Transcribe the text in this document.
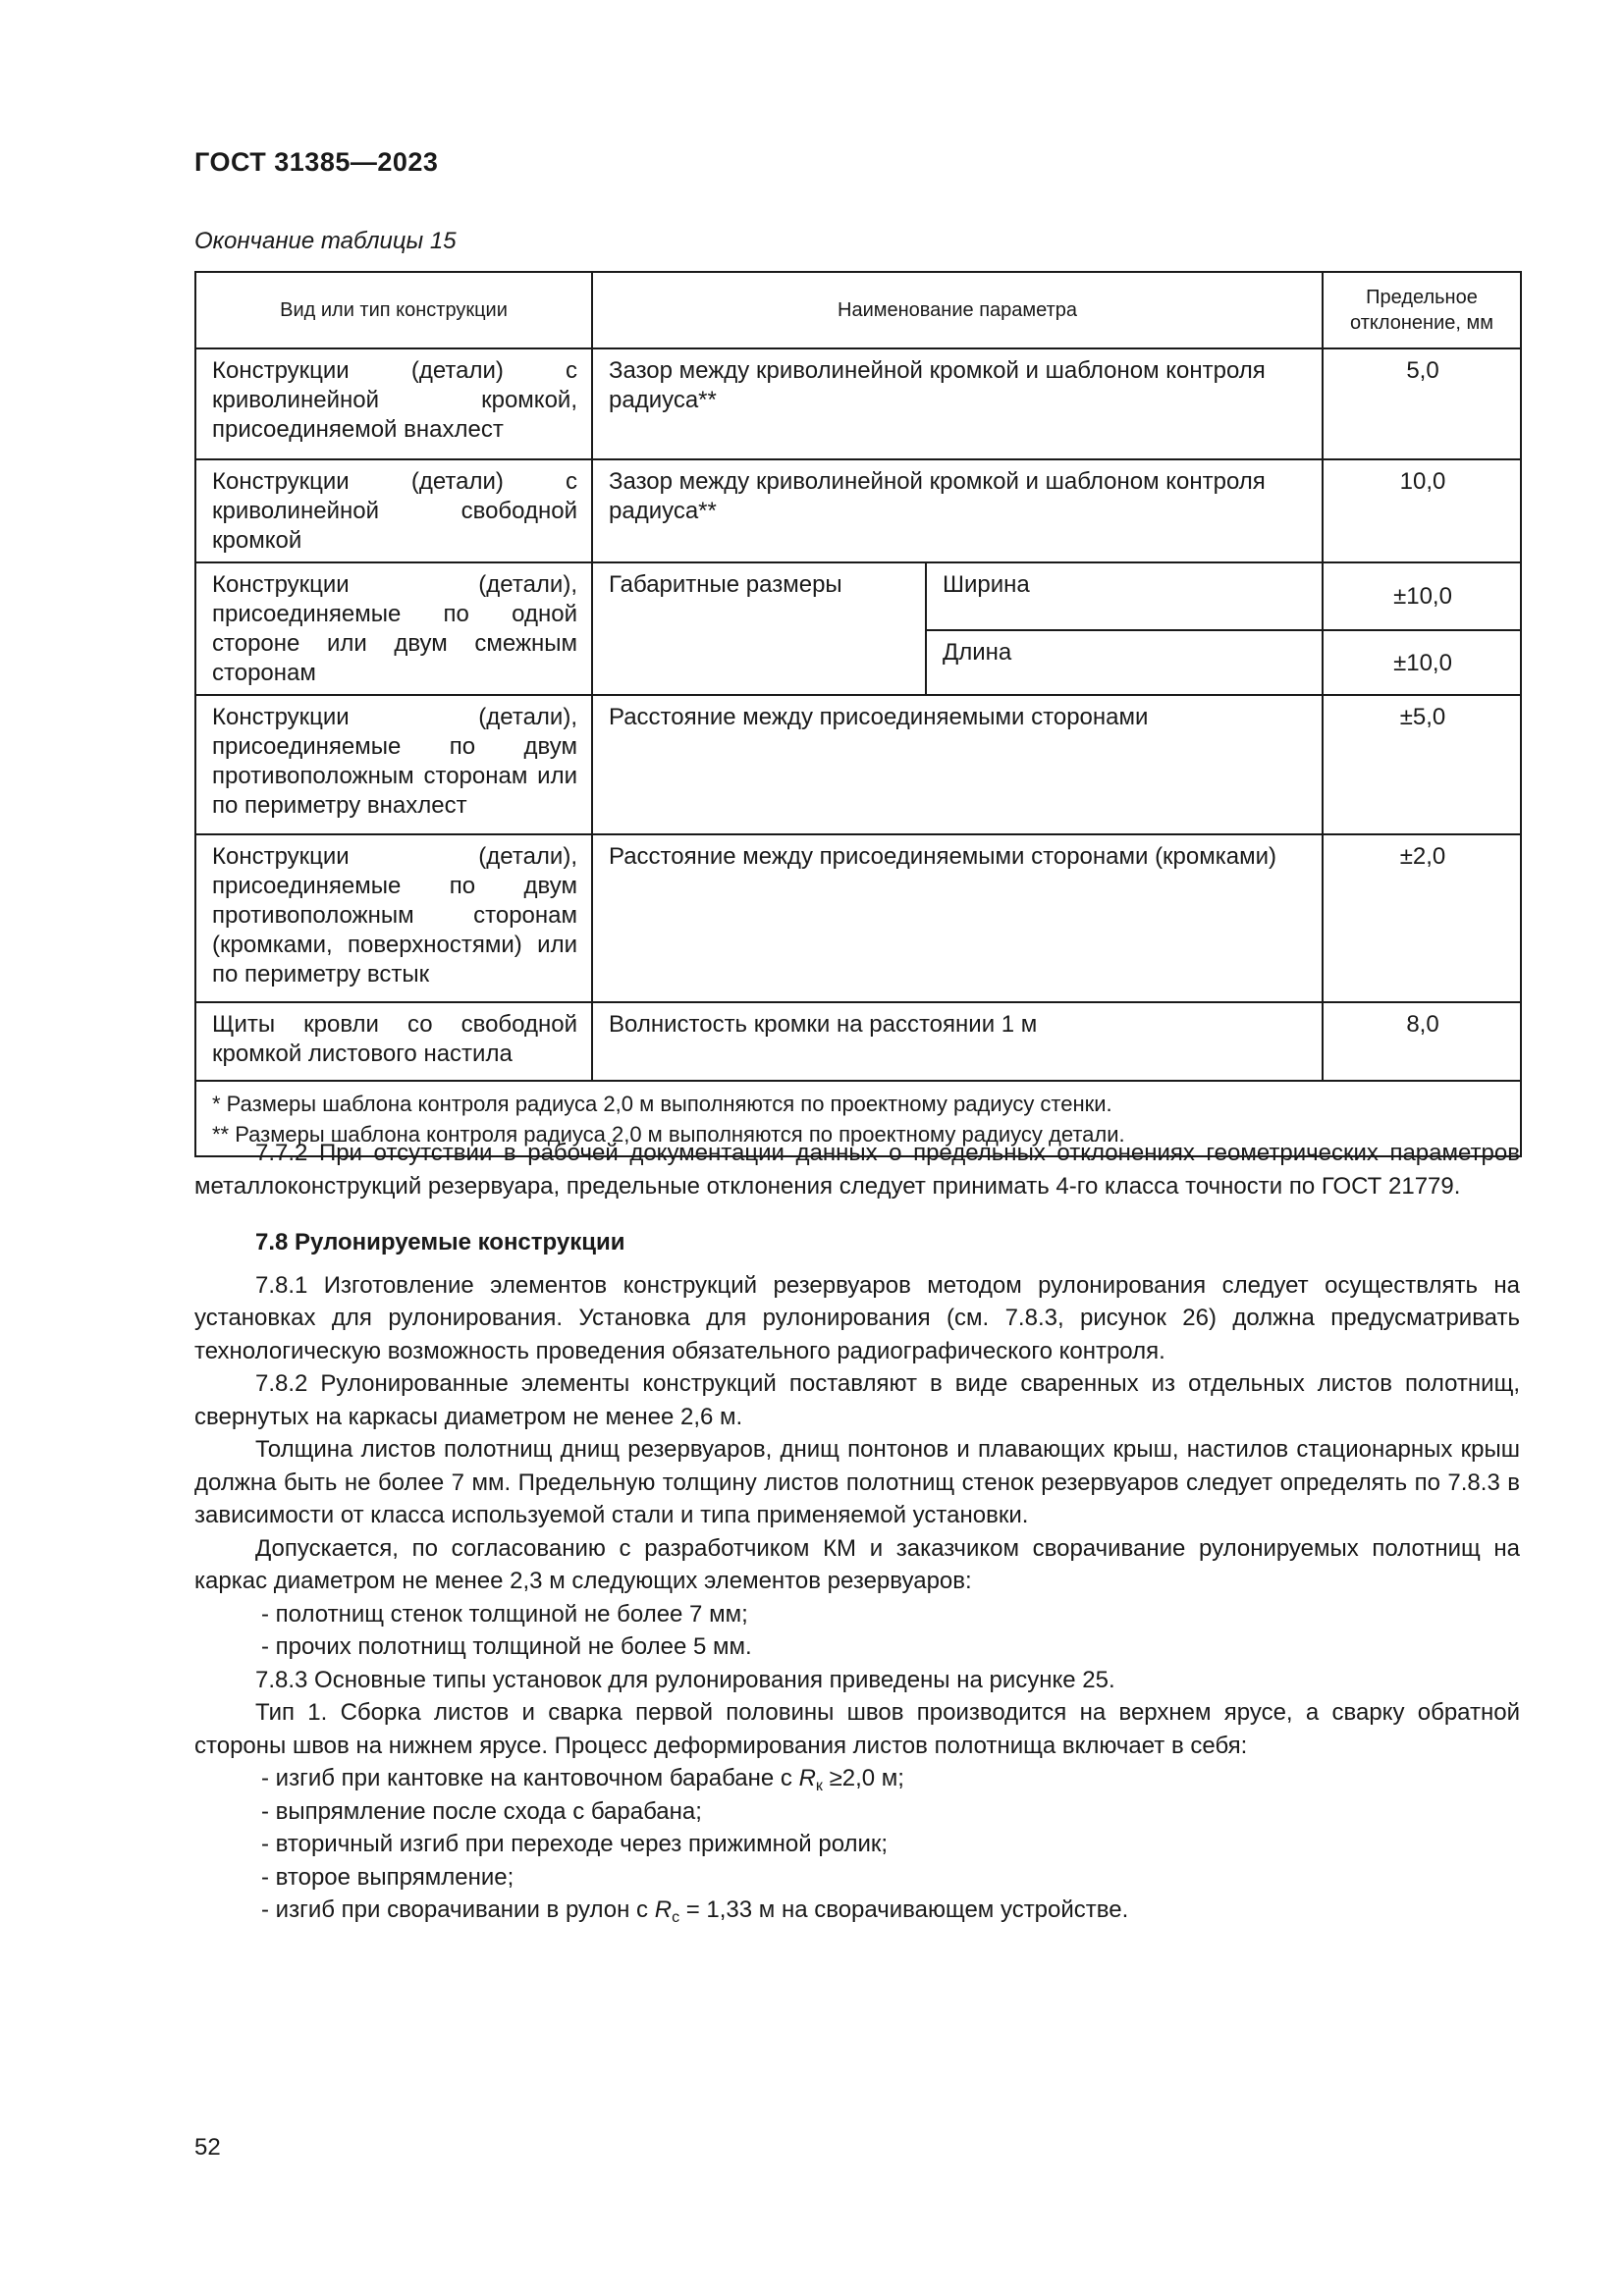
ГОСТ 31385—2023
Окончание таблицы 15
Вид или тип конструкции	Наименование параметра		Предельное отклонение, мм
Конструкции (детали) с криволинейной кромкой, присоединяемой внахлест	Зазор между криволинейной кромкой и шаблоном контроля радиуса**		5,0
Конструкции (детали) с криволинейной свободной кромкой	Зазор между криволинейной кромкой и шаблоном контроля радиуса**		10,0
Конструкции (детали), присоединяемые по одной стороне или двум смежным сторонам	Габаритные размеры	Ширина	±10,0
		Длина	±10,0
Конструкции (детали), присоединяемые по двум противоположным сторонам или по периметру внахлест	Расстояние между присоединяемыми сторонами		±5,0
Конструкции (детали), присоединяемые по двум противоположным сторонам (кромками, поверхностями) или по периметру встык	Расстояние между присоединяемыми сторонами (кромками)		±2,0
Щиты кровли со свободной кромкой листового настила	Волнистость кромки на расстоянии 1 м		8,0

* Размеры шаблона контроля радиуса 2,0 м выполняются по проектному радиусу стенки.
** Размеры шаблона контроля радиуса 2,0 м выполняются по проектному радиусу детали.			

7.7.2 При отсутствии в рабочей документации данных о предельных отклонениях геометрических параметров металлоконструкций резервуара, предельные отклонения следует принимать 4-го класса точности по ГОСТ 21779.

7.8 Рулонируемые конструкции

7.8.1 Изготовление элементов конструкций резервуаров методом рулонирования следует осуществлять на установках для рулонирования. Установка для рулонирования (см. 7.8.3, рисунок 26) должна предусматривать технологическую возможность проведения обязательного радиографического контроля.

7.8.2 Рулонированные элементы конструкций поставляют в виде сваренных из отдельных листов полотнищ, свернутых на каркасы диаметром не менее 2,6 м.

Толщина листов полотнищ днищ резервуаров, днищ понтонов и плавающих крыш, настилов стационарных крыш должна быть не более 7 мм. Предельную толщину листов полотнищ стенок резервуаров следует определять по 7.8.3 в зависимости от класса используемой стали и типа применяемой установки.

Допускается, по согласованию с разработчиком КМ и заказчиком сворачивание рулонируемых полотнищ на каркас диаметром не менее 2,3 м следующих элементов резервуаров:

- полотнищ стенок толщиной не более 7 мм;

- прочих полотнищ толщиной не более 5 мм.

7.8.3 Основные типы установок для рулонирования приведены на рисунке 25.

Тип 1. Сборка листов и сварка первой половины швов производится на верхнем ярусе, а сварку обратной стороны швов на нижнем ярусе. Процесс деформирования листов полотнища включает в себя:

- изгиб при кантовке на кантовочном барабане с $R_к \ge 2,0$ м;

- выпрямление после схода с барабана;

- вторичный изгиб при переходе через прижимной ролик;

- второе выпрямление;

- изгиб при сворачивании в рулон с $R_с = 1,33$ м на сворачивающем устройстве.

52
